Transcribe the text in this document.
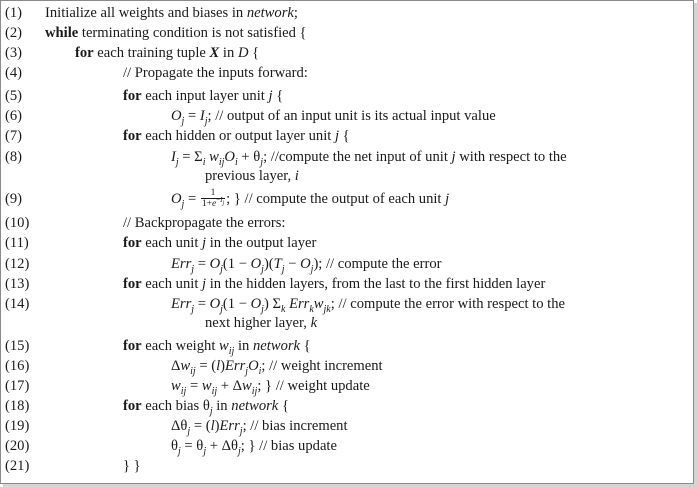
(1) Initialize all weights and biases in network;
(2) while terminating condition is not satisfied {
(3)	for each training tuple X in D {
(4)	// Propagate the inputs forward:
(5)	for each input layer unit j {
(6)	$O_j = I_j$; // output of an input unit is its actual input value
(7)	for each hidden or output layer unit j {
(8)	$I_j = \Sigma_i$ $w_{ij}O_i + \theta_j$; //compute the net input of unit j with respect to the
previous layer, i
(9)	$O_j = \frac{1}{1+e^{-I_j}}$ ; } // compute the output of each unit j
(10)	// Backpropagate the errors:
(11)	for each unit j in the output layer
(12)	$Err_j = O_j(1 - O_j)(T_j - O_j)$; // compute the error
(13)	for each unit j in the hidden layers, from the last to the first hidden layer
(14)	$Err_j = O_j(1 - O_j)$ $\Sigma_k$ $Err_kw_{jk}$; // compute the error with respect to the
next higher layer, k
(15)	for each weight $w_{ij}$ in network {
(16)	$\Delta w_{ij} = (l)Err_jO_i$; // weight increment
(17)	$w_{ij} = w_{ij} + \Delta w_{ij}$; } // weight update
(18)	for each bias $\theta_j$ in network {
(19)	$\Delta\theta_j = (l)Err_j$; // bias increment
(20)	$\theta_j = \theta_j + \Delta\theta_j$; } // bias update
(21)	} }
